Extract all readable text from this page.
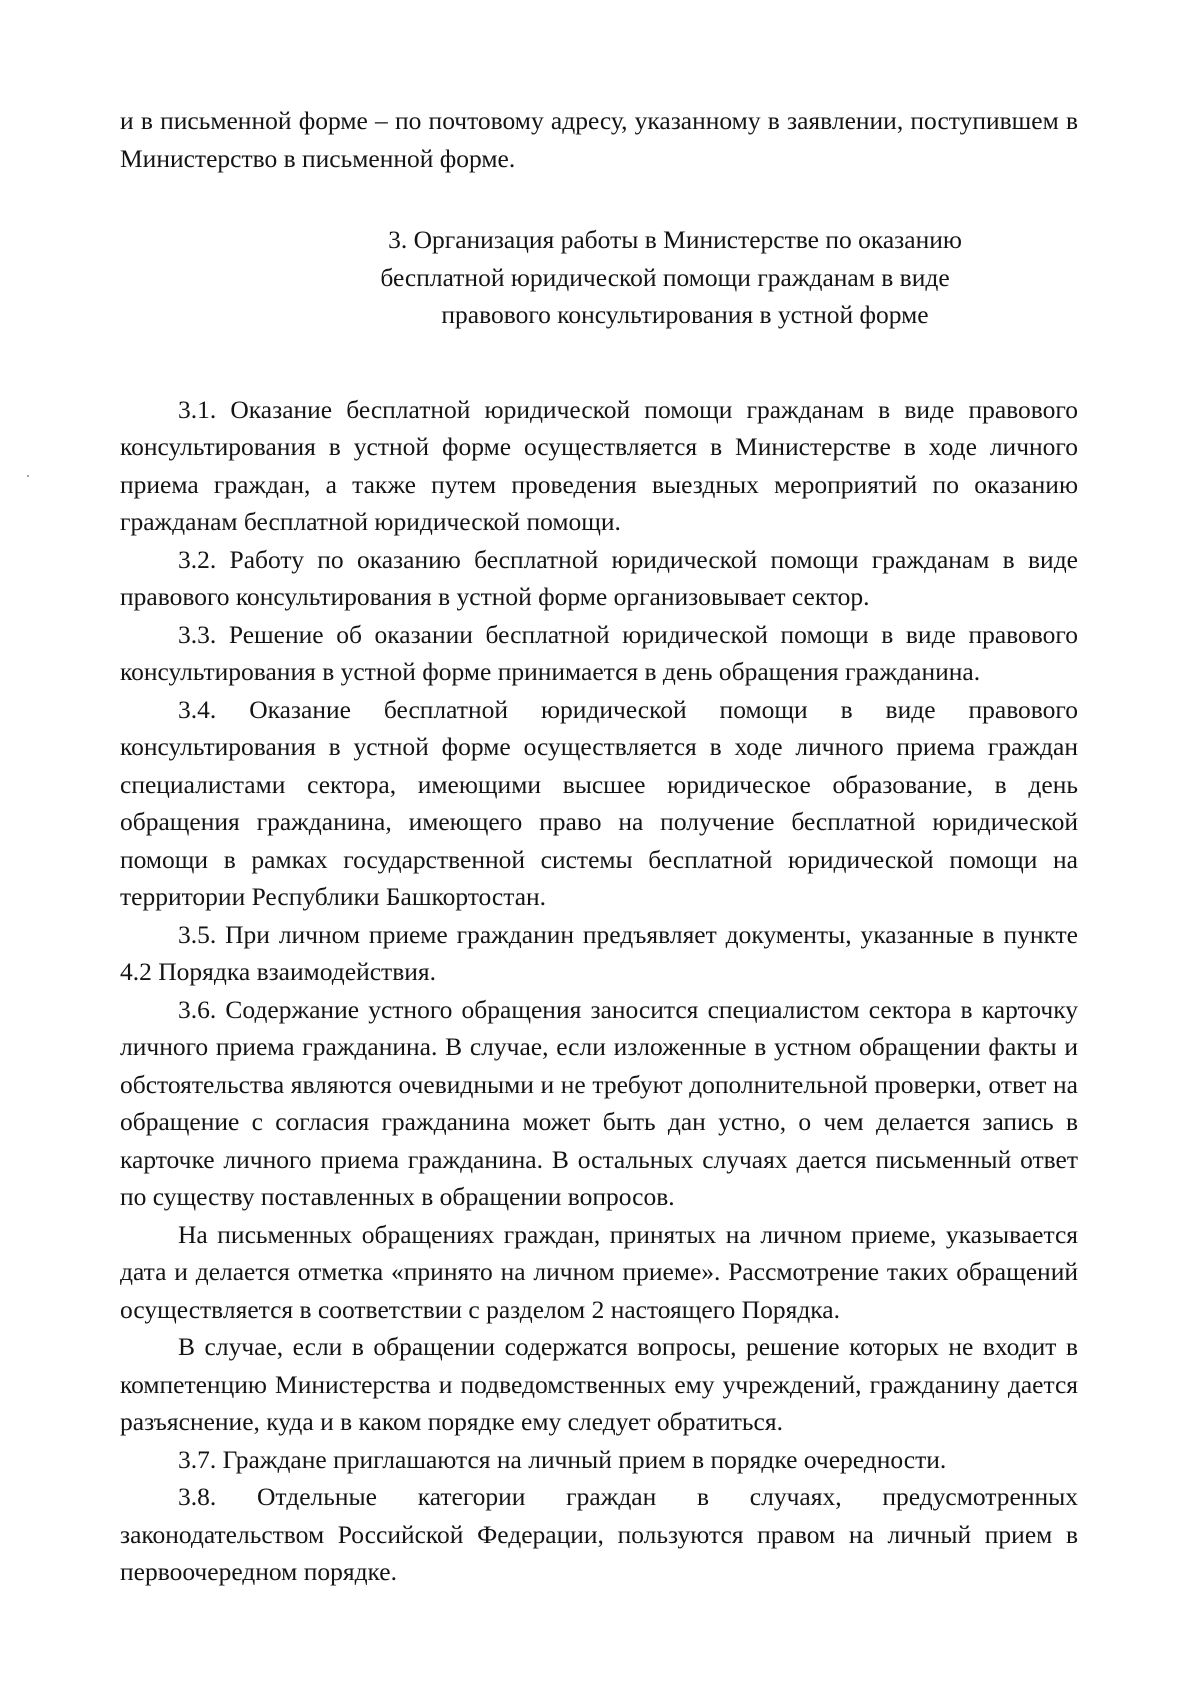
и в письменной форме – по почтовому адресу, указанному в заявлении, поступившем в Министерство в письменной форме.

3. Организация работы в Министерстве по оказанию
бесплатной юридической помощи гражданам в виде
правового консультирования в устной форме

3.1. Оказание бесплатной юридической помощи гражданам в виде правового консультирования в устной форме осуществляется в Министерстве в ходе личного приема граждан, а также путем проведения выездных мероприятий по оказанию гражданам бесплатной юридической помощи.

3.2. Работу по оказанию бесплатной юридической помощи гражданам в виде правового консультирования в устной форме организовывает сектор.

3.3. Решение об оказании бесплатной юридической помощи в виде правового консультирования в устной форме принимается в день обращения гражданина.

3.4. Оказание бесплатной юридической помощи в виде правового консультирования в устной форме осуществляется в ходе личного приема граждан специалистами сектора, имеющими высшее юридическое образование, в день обращения гражданина, имеющего право на получение бесплатной юридической помощи в рамках государственной системы бесплатной юридической помощи на территории Республики Башкортостан.

3.5. При личном приеме гражданин предъявляет документы, указанные в пункте 4.2 Порядка взаимодействия.

3.6. Содержание устного обращения заносится специалистом сектора в карточку личного приема гражданина. В случае, если изложенные в устном обращении факты и обстоятельства являются очевидными и не требуют дополнительной проверки, ответ на обращение с согласия гражданина может быть дан устно, о чем делается запись в карточке личного приема гражданина. В остальных случаях дается письменный ответ по существу поставленных в обращении вопросов.

На письменных обращениях граждан, принятых на личном приеме, указывается дата и делается отметка «принято на личном приеме». Рассмотрение таких обращений осуществляется в соответствии с разделом 2 настоящего Порядка.

В случае, если в обращении содержатся вопросы, решение которых не входит в компетенцию Министерства и подведомственных ему учреждений, гражданину дается разъяснение, куда и в каком порядке ему следует обратиться.

3.7. Граждане приглашаются на личный прием в порядке очередности.

3.8. Отдельные категории граждан в случаях, предусмотренных законодательством Российской Федерации, пользуются правом на личный прием в первоочередном порядке.
